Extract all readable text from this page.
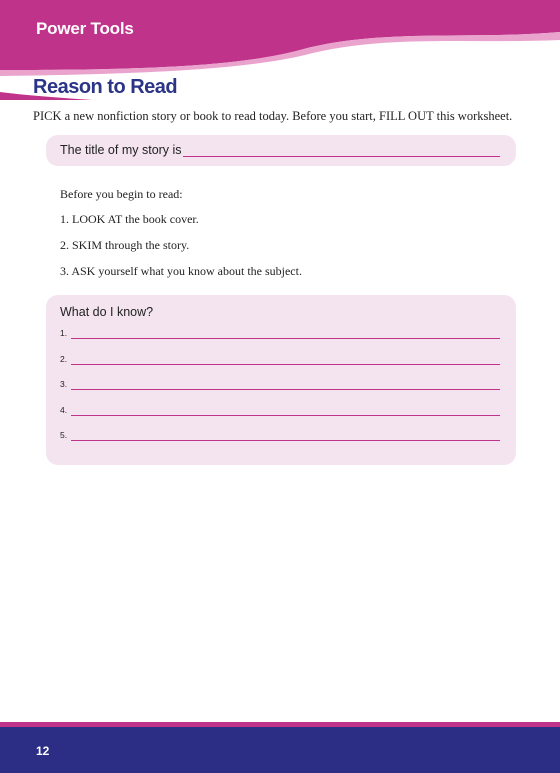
Power Tools
Reason to Read
PICK a new nonfiction story or book to read today. Before you start, FILL OUT this worksheet.
The title of my story is
Before you begin to read:
1. LOOK AT the book cover.
2. SKIM through the story.
3. ASK yourself what you know about the subject.
What do I know?
1.
2.
3.
4.
5.
12
